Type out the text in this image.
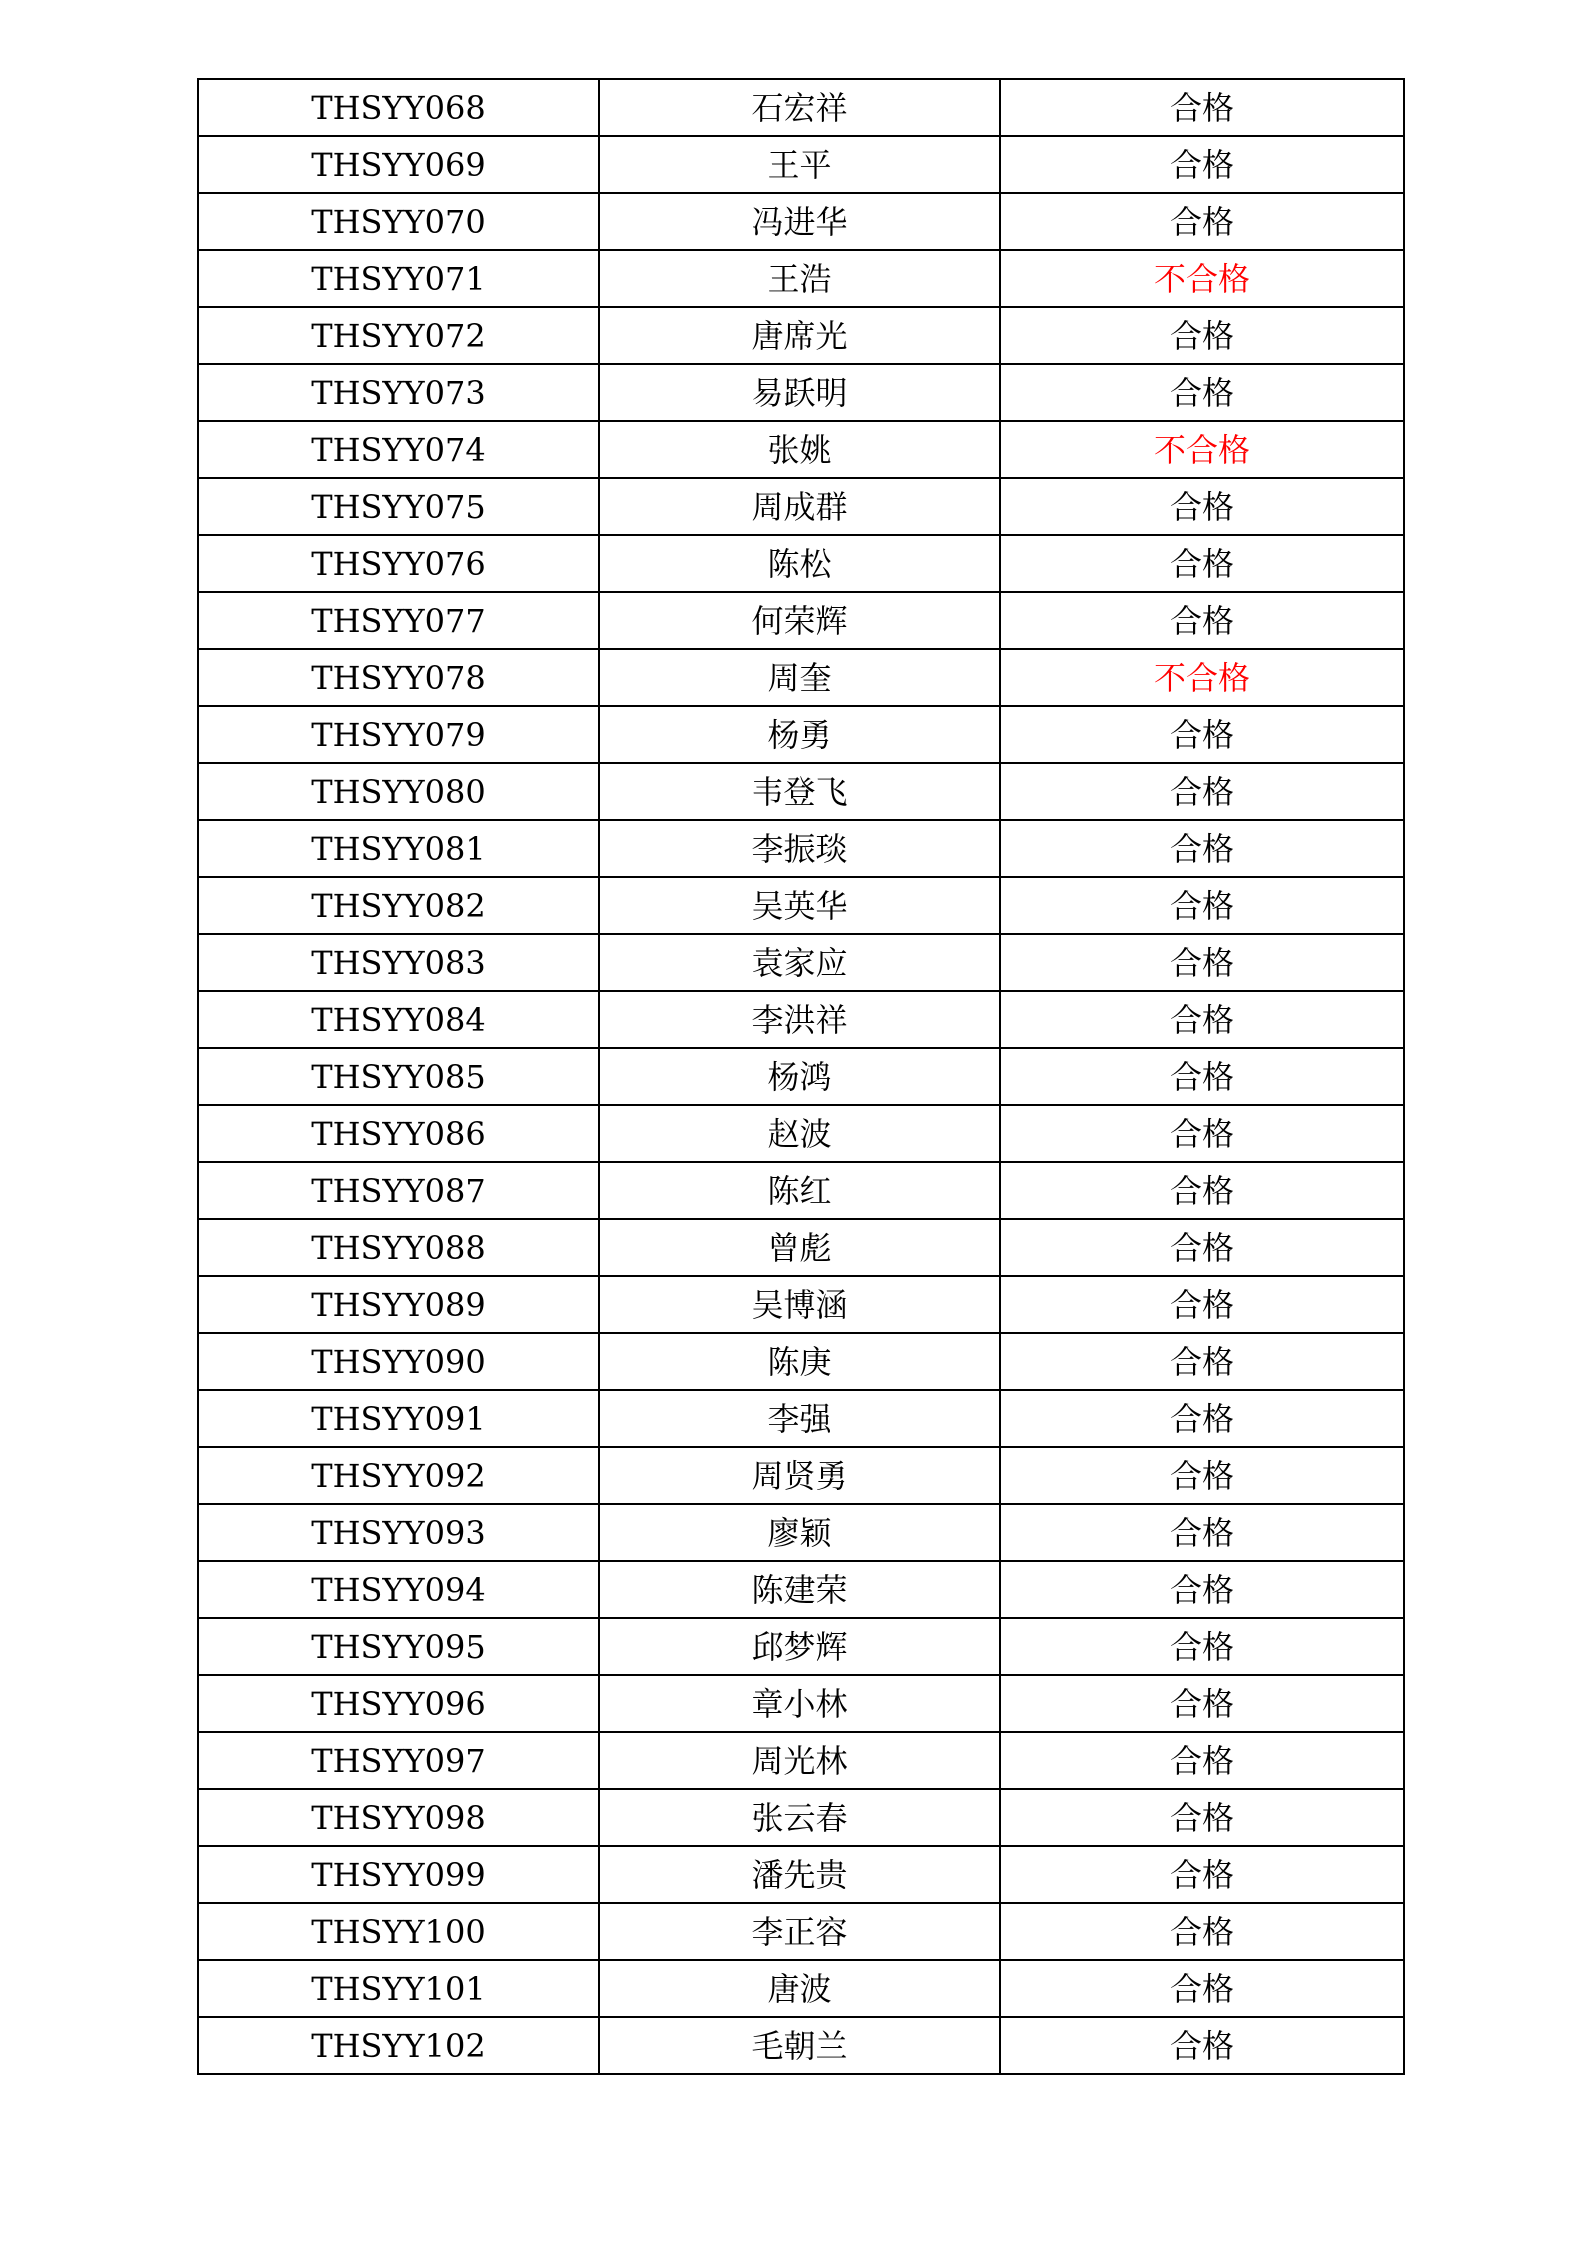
THSYY068	石宏祥	合格
THSYY069	王平	合格
THSYY070	冯进华	合格
THSYY071	王浩	不合格
THSYY072	唐席光	合格
THSYY073	易跃明	合格
THSYY074	张姚	不合格
THSYY075	周成群	合格
THSYY076	陈松	合格
THSYY077	何荣辉	合格
THSYY078	周奎	不合格
THSYY079	杨勇	合格
THSYY080	韦登飞	合格
THSYY081	李振琰	合格
THSYY082	吴英华	合格
THSYY083	袁家应	合格
THSYY084	李洪祥	合格
THSYY085	杨鸿	合格
THSYY086	赵波	合格
THSYY087	陈红	合格
THSYY088	曾彪	合格
THSYY089	吴博涵	合格
THSYY090	陈庚	合格
THSYY091	李强	合格
THSYY092	周贤勇	合格
THSYY093	廖颖	合格
THSYY094	陈建荣	合格
THSYY095	邱梦辉	合格
THSYY096	章小林	合格
THSYY097	周光林	合格
THSYY098	张云春	合格
THSYY099	潘先贵	合格
THSYY100	李正容	合格
THSYY101	唐波	合格
THSYY102	毛朝兰	合格
